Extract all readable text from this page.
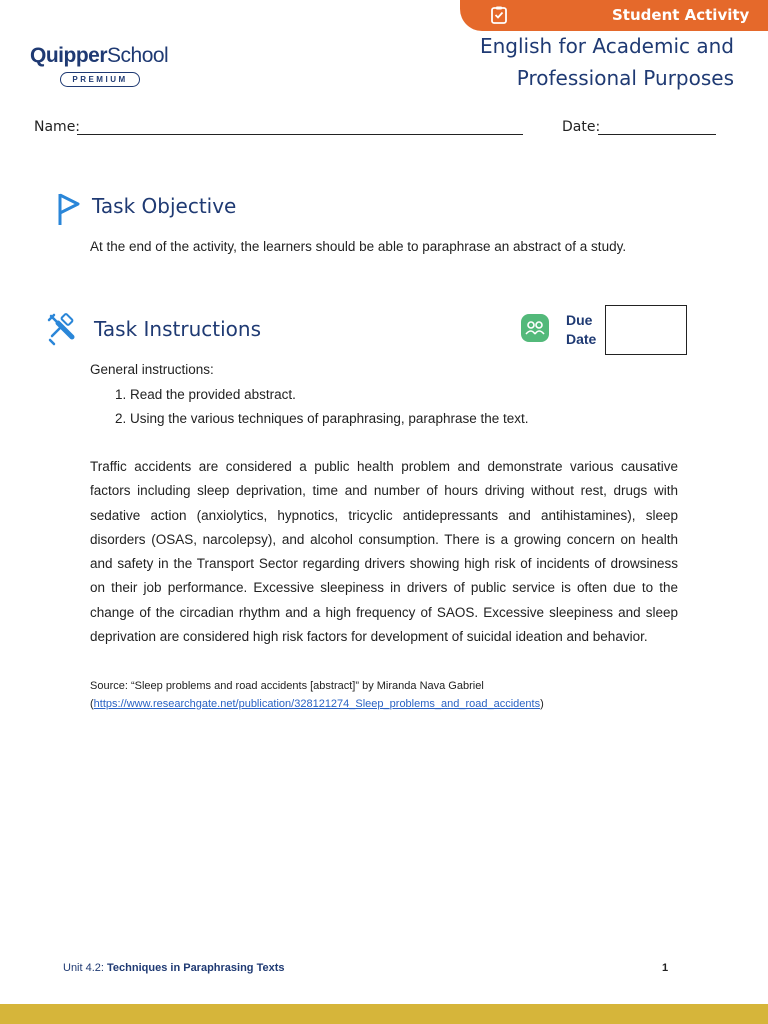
Student Activity
QuipperSchool
PREMIUM
English for Academic and
Professional Purposes
Name:	Date:
Task Objective
At the end of the activity, the learners should be able to paraphrase an abstract of a study.
Task Instructions	Due
Date
General instructions:
1. Read the provided abstract.
2. Using the various techniques of paraphrasing, paraphrase the text.

Traffic accidents are considered a public health problem and demonstrate various causative factors including sleep deprivation, time and number of hours driving without rest, drugs with sedative action (anxiolytics, hypnotics, tricyclic antidepressants and antihistamines), sleep disorders (OSAS, narcolepsy), and alcohol consumption. There is a growing concern on health and safety in the Transport Sector regarding drivers showing high risk of incidents of drowsiness on their job performance. Excessive sleepiness in drivers of public service is often due to the change of the circadian rhythm and a high frequency of SAOS. Excessive sleepiness and sleep deprivation are considered high risk factors for development of suicidal ideation and behavior.

Source: “Sleep problems and road accidents [abstract]” by Miranda Nava Gabriel
(https://www.researchgate.net/publication/328121274_Sleep_problems_and_road_accidents)
Unit 4.2: Techniques in Paraphrasing Texts	1
